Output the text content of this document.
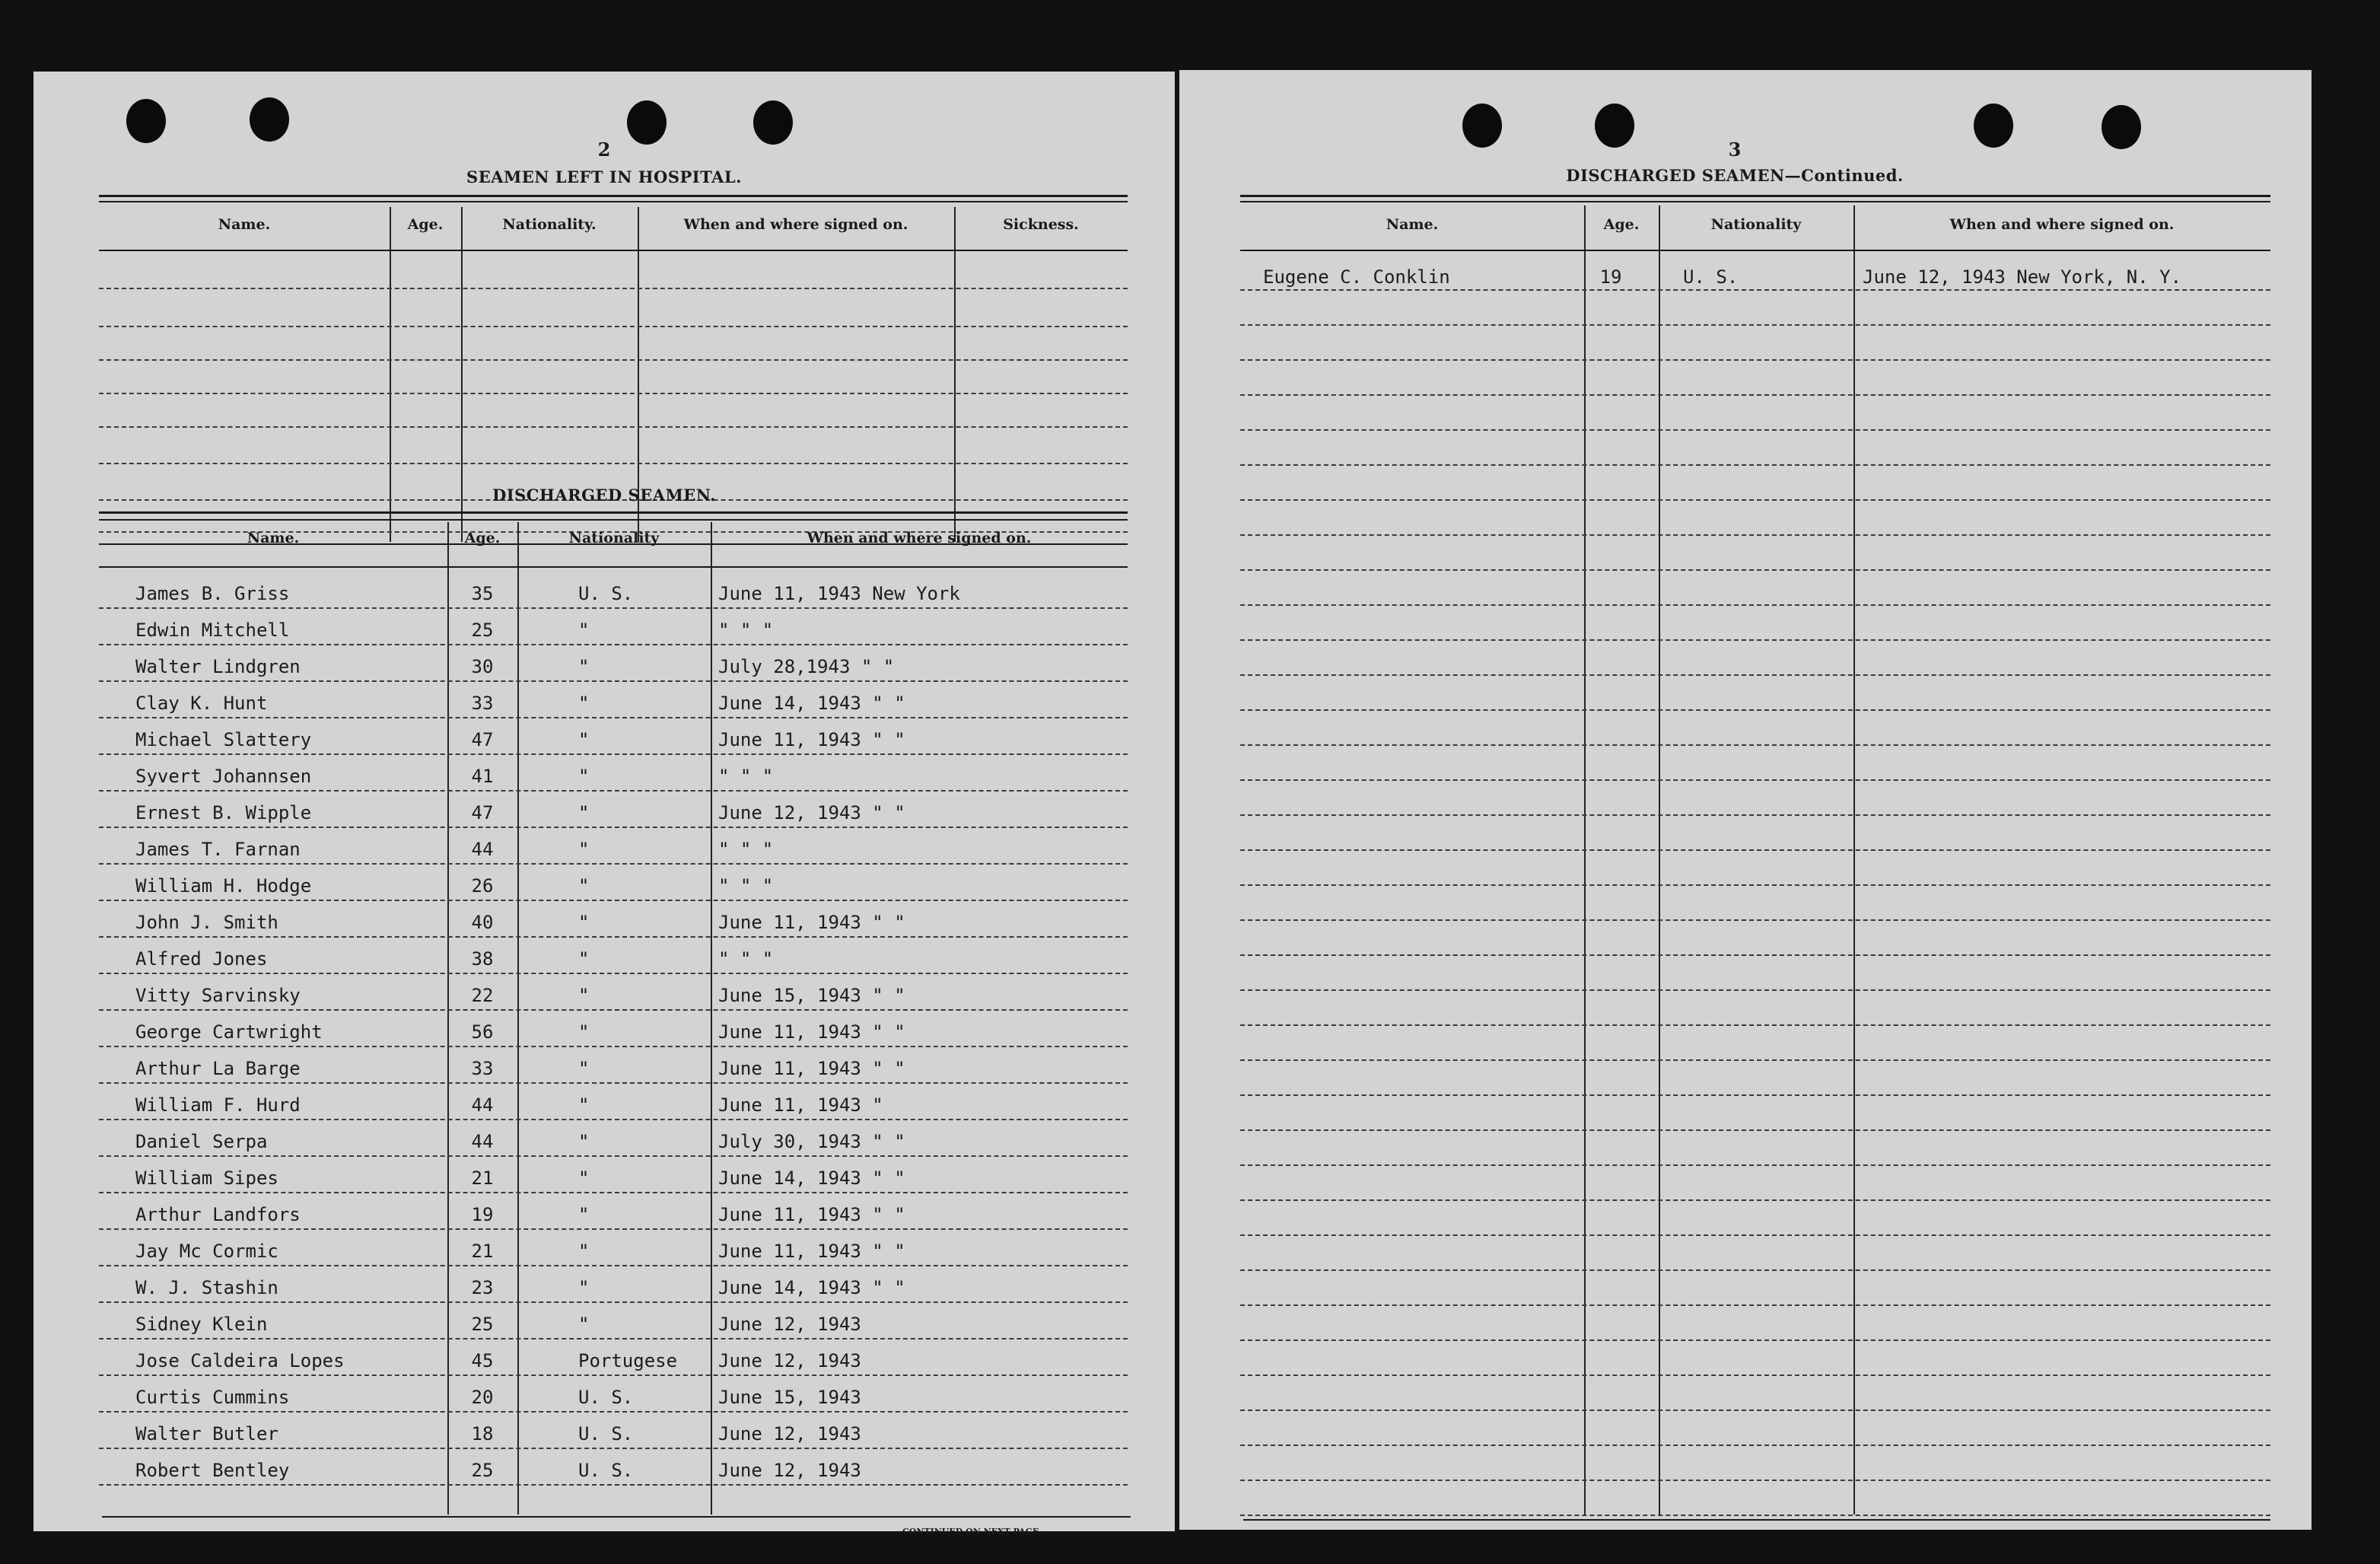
2
SEAMEN LEFT IN HOSPITAL.
Name.	Age.	Nationality.	When and where signed on.	Sickness.
DISCHARGED SEAMEN.
Name.	Age.	Nationality	When and where signed on.
James B. Griss	35	U. S.	June 11, 1943 New York
Edwin Mitchell	25	"	" " "
Walter Lindgren	30	"	July 28,1943 " "
Clay K. Hunt	33	"	June 14, 1943 " "
Michael Slattery	47	"	June 11, 1943 " "
Syvert Johannsen	41	"	" " "
Ernest B. Wipple	47	"	June 12, 1943 " "
James T. Farnan	44	"	" " "
William H. Hodge	26	"	" " "
John J. Smith	40	"	June 11, 1943 " "
Alfred Jones	38	"	" " "
Vitty Sarvinsky	22	"	June 15, 1943 " "
George Cartwright	56	"	June 11, 1943 " "
Arthur La Barge	33	"	June 11, 1943 " "
William F. Hurd	44	"	June 11, 1943 "
Daniel Serpa	44	"	July 30, 1943 " "
William Sipes	21	"	June 14, 1943 " "
Arthur Landfors	19	"	June 11, 1943 " "
Jay Mc Cormic	21	"	June 11, 1943 " "
W. J. Stashin	23	"	June 14, 1943 " "
Sidney Klein	25	"	June 12, 1943
Jose Caldeira Lopes	45	Portugese June 12, 1943
Curtis Cummins	20	U. S.	June 15, 1943
Walter Butler	18	U. S.	June 12, 1943
Robert Bentley	25	U. S.	June 12, 1943
CONTINUED ON NEXT PAGE.
3
DISCHARGED SEAMEN—Continued.
Name.	Age.	Nationality	When and where signed on.
Eugene C. Conklin	19	U. S.	June 12, 1943 New York, N. Y.
